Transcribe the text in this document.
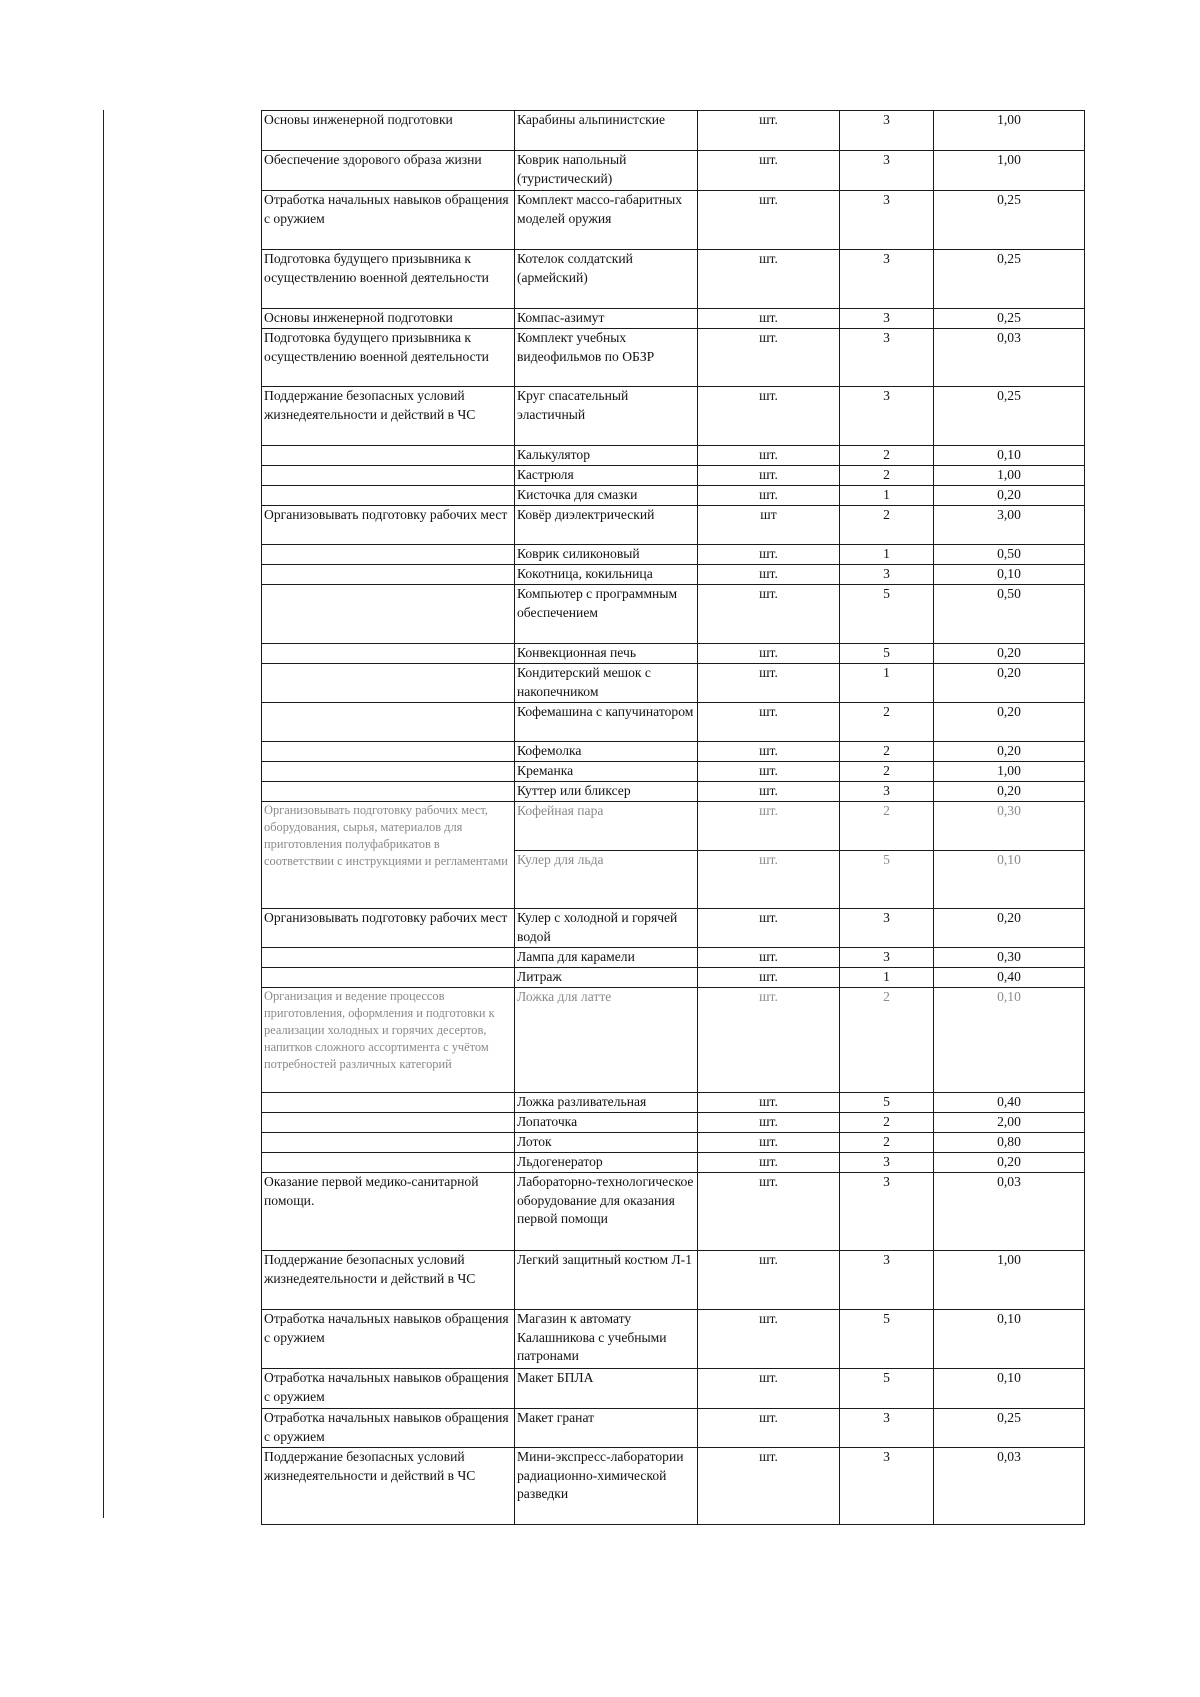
Основы инженерной подготовки	Карабины альпинистские	шт.	3	1,00
Обеспечение здорового образа жизни	Коврик напольный (туристический)	шт.	3	1,00
Отработка начальных навыков обращения с оружием	Комплект массо-габаритных моделей оружия	шт.	3	0,25
Подготовка будущего призывника к осуществлению военной деятельности	Котелок солдатский (армейский)	шт.	3	0,25
Основы инженерной подготовки	Компас-азимут	шт.	3	0,25
Подготовка будущего призывника к осуществлению военной деятельности	Комплект учебных видеофильмов по ОБЗР	шт.	3	0,03
Поддержание безопасных условий жизнедеятельности и действий в ЧС	Круг спасательный эластичный	шт.	3	0,25
	Калькулятор	шт.	2	0,10
	Кастрюля	шт.	2	1,00
	Кисточка для смазки	шт.	1	0,20
Организовывать подготовку рабочих мест	Ковёр диэлектрический	шт	2	3,00
	Коврик силиконовый	шт.	1	0,50
	Кокотница, кокильница	шт.	3	0,10
	Компьютер с программным обеспечением	шт.	5	0,50
	Конвекционная печь	шт.	5	0,20
	Кондитерский мешок с накопечником	шт.	1	0,20
	Кофемашина с капучинатором	шт.	2	0,20
	Кофемолка	шт.	2	0,20
	Креманка	шт.	2	1,00
	Куттер или бликсер	шт.	3	0,20
Организовывать подготовку рабочих мест, оборудования, сырья, материалов для приготовления полуфабрикатов в соответствии с инструкциями и регламентами	Кофейная пара	шт.	2	0,30
	Кулер для льда	шт.	5	0,10
Организовывать подготовку рабочих мест	Кулер с холодной и горячей водой	шт.	3	0,20
	Лампа для карамели	шт.	3	0,30
	Литраж	шт.	1	0,40
Организация и ведение процессов приготовления, оформления и подготовки к реализации холодных и горячих десертов, напитков сложного ассортимента с учётом потребностей различных категорий	Ложка для латте	шт.	2	0,10
	Ложка разливательная	шт.	5	0,40
	Лопаточка	шт.	2	2,00
	Лоток	шт.	2	0,80
	Льдогенератор	шт.	3	0,20
Оказание первой медико-санитарной помощи.	Лабораторно-технологическое оборудование для оказания первой помощи	шт.	3	0,03
Поддержание безопасных условий жизнедеятельности и действий в ЧС	Легкий защитный костюм Л-1	шт.	3	1,00
Отработка начальных навыков обращения с оружием	Магазин к автомату Калашникова с учебными патронами	шт.	5	0,10
Отработка начальных навыков обращения с оружием	Макет БПЛА	шт.	5	0,10
Отработка начальных навыков обращения с оружием	Макет гранат	шт.	3	0,25
Поддержание безопасных условий жизнедеятельности и действий в ЧС	Мини-экспресс-лаборатории радиационно-химической разведки	шт.	3	0,03
